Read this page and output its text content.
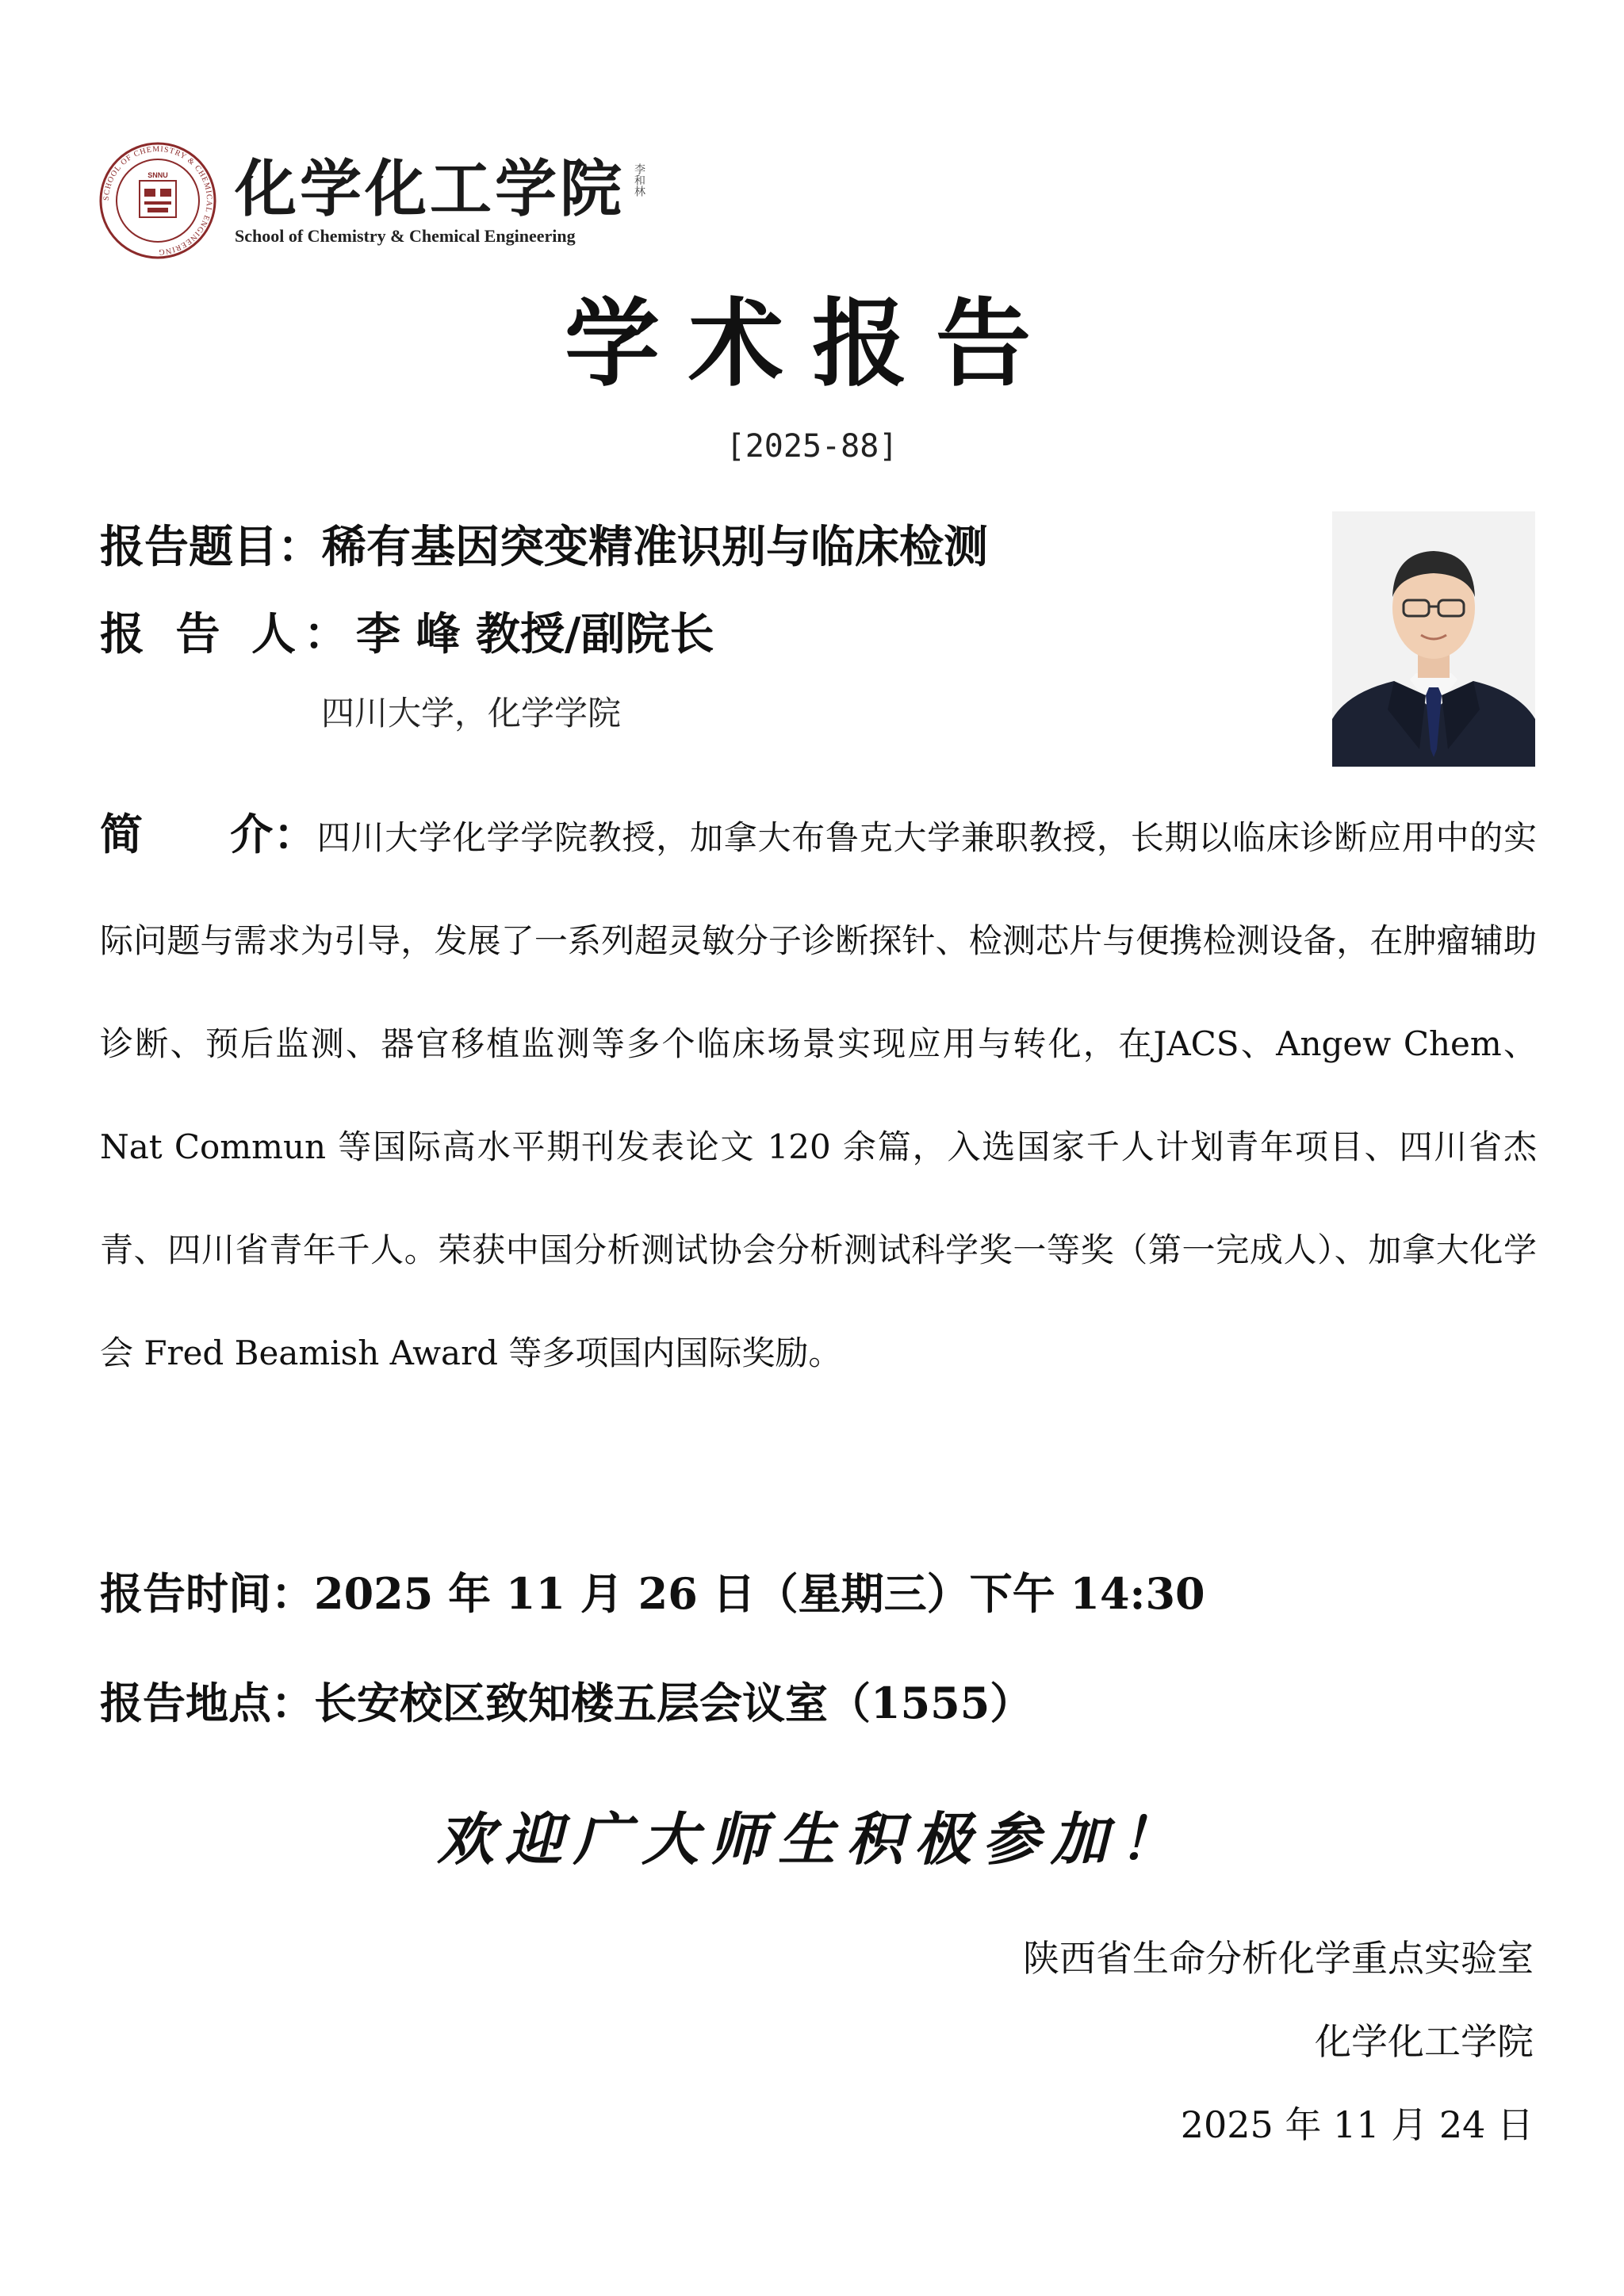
SCHOOL OF CHEMISTRY & CHEMICAL ENGINEERING
SNNU 化学化工学院 李和林
School of Chemistry & Chemical Engineering
学术报告
[2025-88]
报告题目：稀有基因突变精准识别与临床检测
报 告 人：李 峰 教授/副院长
四川大学，化学学院
简　　介：四川大学化学学院教授，加拿大布鲁克大学兼职教授，长期以临床诊断应用中的实际问题与需求为引导，发展了一系列超灵敏分子诊断探针、检测芯片与便携检测设备，在肿瘤辅助诊断、预后监测、器官移植监测等多个临床场景实现应用与转化，在JACS、Angew Chem、Nat Commun 等国际高水平期刊发表论文 120 余篇，入选国家千人计划青年项目、四川省杰青、四川省青年千人。荣获中国分析测试协会分析测试科学奖一等奖（第一完成人）、加拿大化学会 Fred Beamish Award 等多项国内国际奖励。
报告时间：2025 年 11 月 26 日（星期三）下午 14:30
报告地点：长安校区致知楼五层会议室（1555）
欢迎广大师生积极参加！
陕西省生命分析化学重点实验室
化学化工学院
2025 年 11 月 24 日
